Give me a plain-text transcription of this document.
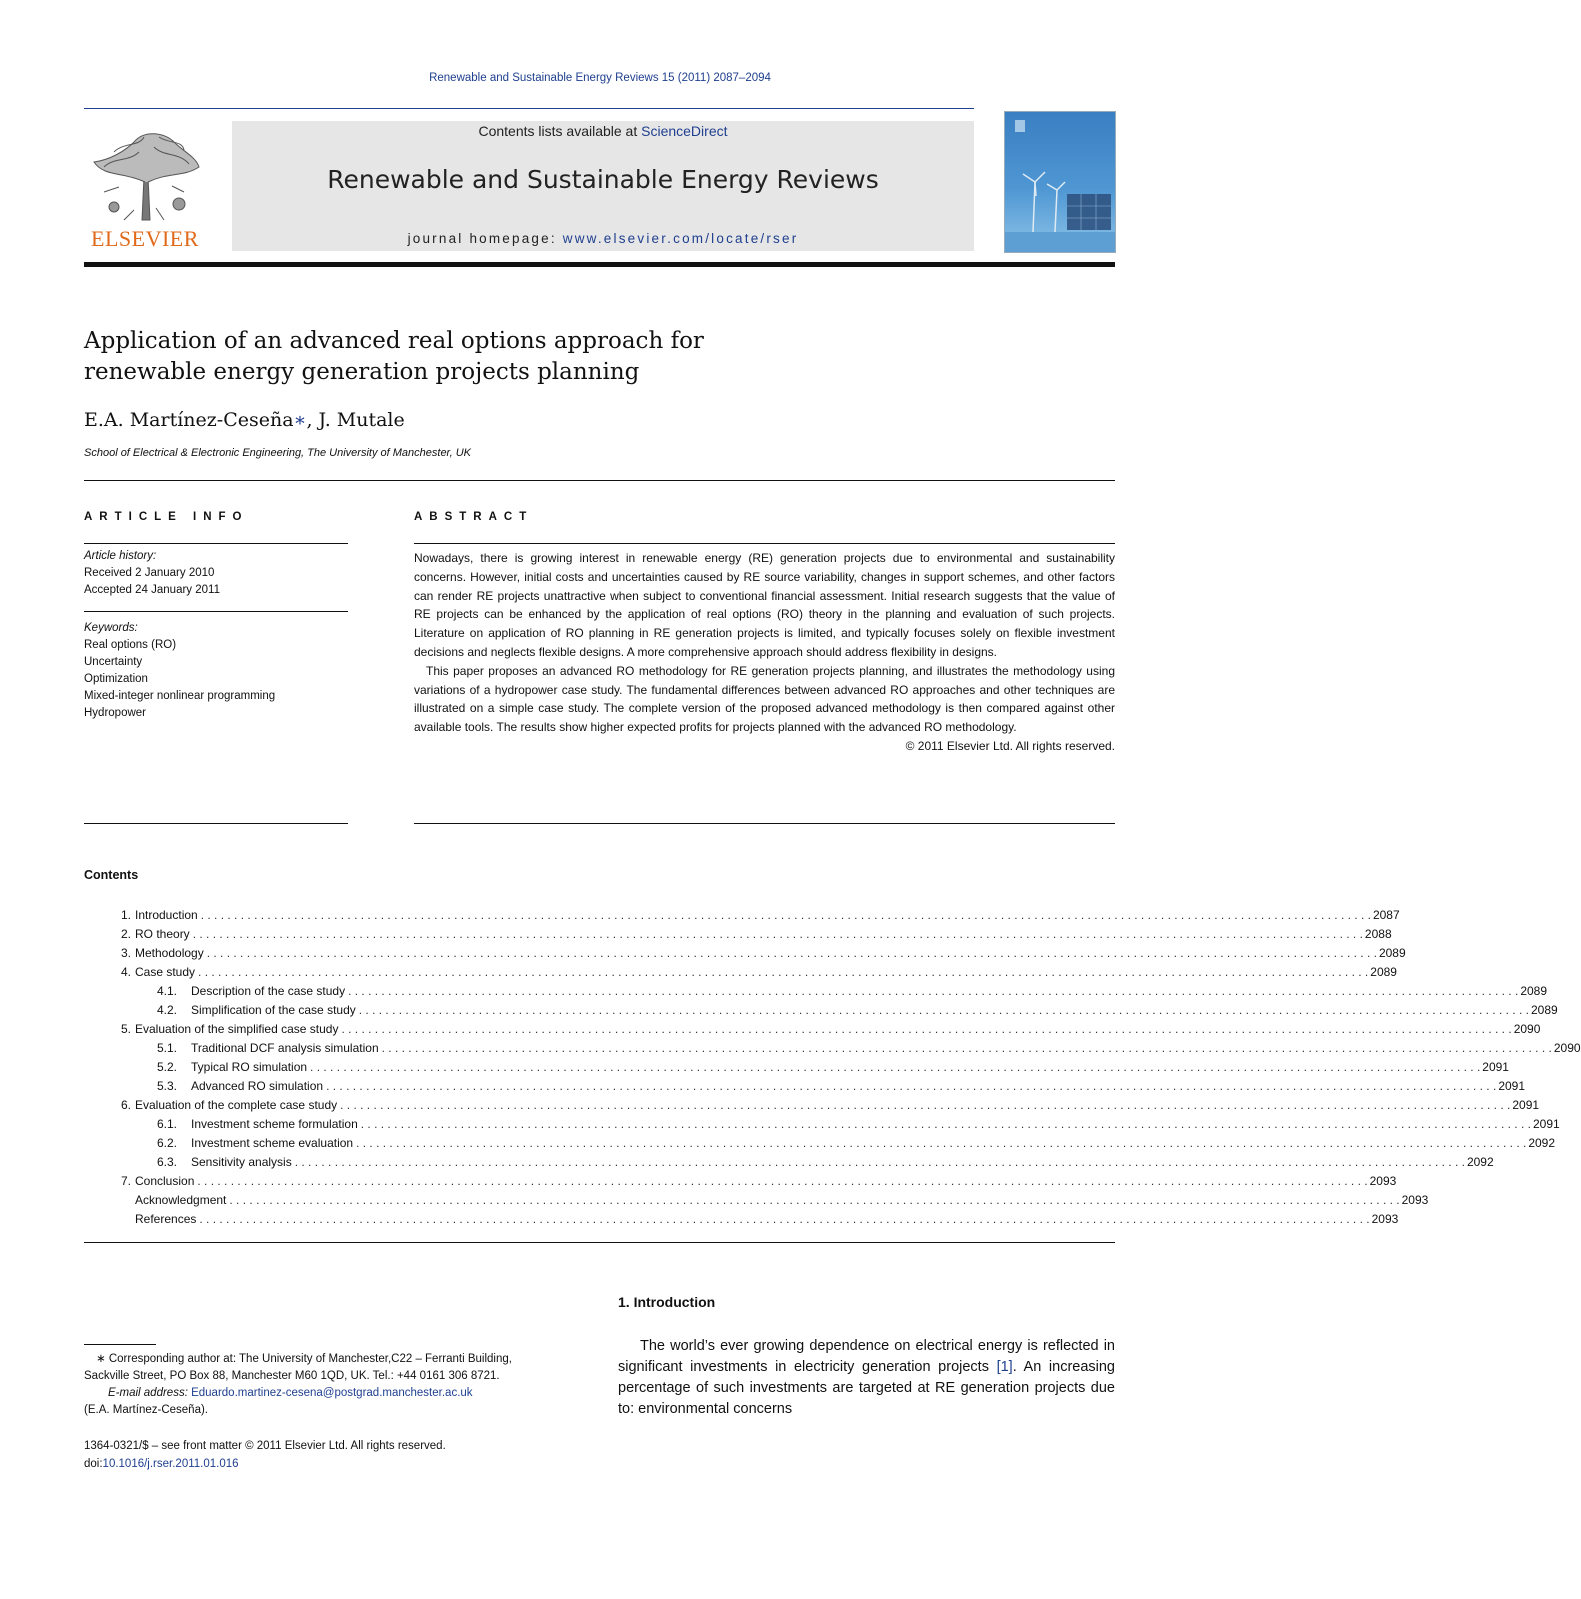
Renewable and Sustainable Energy Reviews 15 (2011) 2087–2094
ELSEVIER
Contents lists available at ScienceDirect
Renewable and Sustainable Energy Reviews
journal homepage: www.elsevier.com/locate/rser
Application of an advanced real options approach for
renewable energy generation projects planning
E.A. Martínez-Ceseña∗, J. Mutale
School of Electrical & Electronic Engineering, The University of Manchester, UK
ARTICLE INFO	ABSTRACT
Article history:
Received 2 January 2010
Accepted 24 January 2011
Keywords:
Real options (RO)
Uncertainty
Optimization
Mixed-integer nonlinear programming
Hydropower

Nowadays, there is growing interest in renewable energy (RE) generation projects due to environmental and sustainability concerns. However, initial costs and uncertainties caused by RE source variability, changes in support schemes, and other factors can render RE projects unattractive when subject to conventional financial assessment. Initial research suggests that the value of RE projects can be enhanced by the application of real options (RO) theory in the planning and evaluation of such projects. Literature on application of RO planning in RE generation projects is limited, and typically focuses solely on flexible investment decisions and neglects flexible designs. A more comprehensive approach should address flexibility in designs.

This paper proposes an advanced RO methodology for RE generation projects planning, and illustrates the methodology using variations of a hydropower case study. The fundamental differences between advanced RO approaches and other techniques are illustrated on a simple case study. The complete version of the proposed advanced methodology is then compared against other available tools. The results show higher expected profits for projects planned with the advanced RO methodology.

© 2011 Elsevier Ltd. All rights reserved.

Contents
1. Introduction . . . . . . . . . . . . . . . . . . . . . . . . . . . . . . . . . . . . . . . . . . . . . . . . . . . . . . . . . . . . . . . . . . . . . . . . . . . . . . . . . . . . . . . . . . . . . . . . . . . . . . . . . . . . . . . . . . . . . . . . . . . . . . . . . . . . . . . . . . . . . . . . . . . . . . . . . . . . . . . . . . . . . . . . . . . . . . . . 2087
2. RO theory . . . . . . . . . . . . . . . . . . . . . . . . . . . . . . . . . . . . . . . . . . . . . . . . . . . . . . . . . . . . . . . . . . . . . . . . . . . . . . . . . . . . . . . . . . . . . . . . . . . . . . . . . . . . . . . . . . . . . . . . . . . . . . . . . . . . . . . . . . . . . . . . . . . . . . . . . . . . . . . . . . . . . . . . . . . . . . . . 2088
3. Methodology . . . . . . . . . . . . . . . . . . . . . . . . . . . . . . . . . . . . . . . . . . . . . . . . . . . . . . . . . . . . . . . . . . . . . . . . . . . . . . . . . . . . . . . . . . . . . . . . . . . . . . . . . . . . . . . . . . . . . . . . . . . . . . . . . . . . . . . . . . . . . . . . . . . . . . . . . . . . . . . . . . . . . . . . . . . . . . . . 2089
4. Case study . . . . . . . . . . . . . . . . . . . . . . . . . . . . . . . . . . . . . . . . . . . . . . . . . . . . . . . . . . . . . . . . . . . . . . . . . . . . . . . . . . . . . . . . . . . . . . . . . . . . . . . . . . . . . . . . . . . . . . . . . . . . . . . . . . . . . . . . . . . . . . . . . . . . . . . . . . . . . . . . . . . . . . . . . . . . . . . . 2089
4.1. Description of the case study . . . . . . . . . . . . . . . . . . . . . . . . . . . . . . . . . . . . . . . . . . . . . . . . . . . . . . . . . . . . . . . . . . . . . . . . . . . . . . . . . . . . . . . . . . . . . . . . . . . . . . . . . . . . . . . . . . . . . . . . . . . . . . . . . . . . . . . . . . . . . . . . . . . . . . . . . . . . . . . . . . . . . . . . . . . . . . . . 2089
4.2. Simplification of the case study . . . . . . . . . . . . . . . . . . . . . . . . . . . . . . . . . . . . . . . . . . . . . . . . . . . . . . . . . . . . . . . . . . . . . . . . . . . . . . . . . . . . . . . . . . . . . . . . . . . . . . . . . . . . . . . . . . . . . . . . . . . . . . . . . . . . . . . . . . . . . . . . . . . . . . . . . . . . . . . . . . . . . . . . . . . . . . . . 2089
5. Evaluation of the simplified case study . . . . . . . . . . . . . . . . . . . . . . . . . . . . . . . . . . . . . . . . . . . . . . . . . . . . . . . . . . . . . . . . . . . . . . . . . . . . . . . . . . . . . . . . . . . . . . . . . . . . . . . . . . . . . . . . . . . . . . . . . . . . . . . . . . . . . . . . . . . . . . . . . . . . . . . . . . . . . . . . . . . . . . . . . . . . . . . . 2090
5.1. Traditional DCF analysis simulation . . . . . . . . . . . . . . . . . . . . . . . . . . . . . . . . . . . . . . . . . . . . . . . . . . . . . . . . . . . . . . . . . . . . . . . . . . . . . . . . . . . . . . . . . . . . . . . . . . . . . . . . . . . . . . . . . . . . . . . . . . . . . . . . . . . . . . . . . . . . . . . . . . . . . . . . . . . . . . . . . . . . . . . . . . . . . . . . 2090
5.2. Typical RO simulation . . . . . . . . . . . . . . . . . . . . . . . . . . . . . . . . . . . . . . . . . . . . . . . . . . . . . . . . . . . . . . . . . . . . . . . . . . . . . . . . . . . . . . . . . . . . . . . . . . . . . . . . . . . . . . . . . . . . . . . . . . . . . . . . . . . . . . . . . . . . . . . . . . . . . . . . . . . . . . . . . . . . . . . . . . . . . . . . 2091
5.3. Advanced RO simulation . . . . . . . . . . . . . . . . . . . . . . . . . . . . . . . . . . . . . . . . . . . . . . . . . . . . . . . . . . . . . . . . . . . . . . . . . . . . . . . . . . . . . . . . . . . . . . . . . . . . . . . . . . . . . . . . . . . . . . . . . . . . . . . . . . . . . . . . . . . . . . . . . . . . . . . . . . . . . . . . . . . . . . . . . . . . . . . . 2091
6. Evaluation of the complete case study . . . . . . . . . . . . . . . . . . . . . . . . . . . . . . . . . . . . . . . . . . . . . . . . . . . . . . . . . . . . . . . . . . . . . . . . . . . . . . . . . . . . . . . . . . . . . . . . . . . . . . . . . . . . . . . . . . . . . . . . . . . . . . . . . . . . . . . . . . . . . . . . . . . . . . . . . . . . . . . . . . . . . . . . . . . . . . . . 2091
6.1. Investment scheme formulation . . . . . . . . . . . . . . . . . . . . . . . . . . . . . . . . . . . . . . . . . . . . . . . . . . . . . . . . . . . . . . . . . . . . . . . . . . . . . . . . . . . . . . . . . . . . . . . . . . . . . . . . . . . . . . . . . . . . . . . . . . . . . . . . . . . . . . . . . . . . . . . . . . . . . . . . . . . . . . . . . . . . . . . . . . . . . . . . 2091
6.2. Investment scheme evaluation . . . . . . . . . . . . . . . . . . . . . . . . . . . . . . . . . . . . . . . . . . . . . . . . . . . . . . . . . . . . . . . . . . . . . . . . . . . . . . . . . . . . . . . . . . . . . . . . . . . . . . . . . . . . . . . . . . . . . . . . . . . . . . . . . . . . . . . . . . . . . . . . . . . . . . . . . . . . . . . . . . . . . . . . . . . . . . . . 2092
6.3. Sensitivity analysis . . . . . . . . . . . . . . . . . . . . . . . . . . . . . . . . . . . . . . . . . . . . . . . . . . . . . . . . . . . . . . . . . . . . . . . . . . . . . . . . . . . . . . . . . . . . . . . . . . . . . . . . . . . . . . . . . . . . . . . . . . . . . . . . . . . . . . . . . . . . . . . . . . . . . . . . . . . . . . . . . . . . . . . . . . . . . . . . 2092
7. Conclusion . . . . . . . . . . . . . . . . . . . . . . . . . . . . . . . . . . . . . . . . . . . . . . . . . . . . . . . . . . . . . . . . . . . . . . . . . . . . . . . . . . . . . . . . . . . . . . . . . . . . . . . . . . . . . . . . . . . . . . . . . . . . . . . . . . . . . . . . . . . . . . . . . . . . . . . . . . . . . . . . . . . . . . . . . . . . . . . . 2093
Acknowledgment . . . . . . . . . . . . . . . . . . . . . . . . . . . . . . . . . . . . . . . . . . . . . . . . . . . . . . . . . . . . . . . . . . . . . . . . . . . . . . . . . . . . . . . . . . . . . . . . . . . . . . . . . . . . . . . . . . . . . . . . . . . . . . . . . . . . . . . . . . . . . . . . . . . . . . . . . . . . . . . . . . . . . . . . . . . . . . . . 2093
References . . . . . . . . . . . . . . . . . . . . . . . . . . . . . . . . . . . . . . . . . . . . . . . . . . . . . . . . . . . . . . . . . . . . . . . . . . . . . . . . . . . . . . . . . . . . . . . . . . . . . . . . . . . . . . . . . . . . . . . . . . . . . . . . . . . . . . . . . . . . . . . . . . . . . . . . . . . . . . . . . . . . . . . . . . . . . . . . 2093
1. Introduction
The world’s ever growing dependence on electrical energy is reflected in significant investments in electricity generation projects [1]. An increasing percentage of such investments are targeted at RE generation projects due to: environmental concerns
∗ Corresponding author at: The University of Manchester,C22 – Ferranti Building,
Sackville Street, PO Box 88, Manchester M60 1QD, UK. Tel.: +44 0161 306 8721.
E-mail address: Eduardo.martinez-cesena@postgrad.manchester.ac.uk
(E.A. Martínez-Ceseña).
1364-0321/$ – see front matter © 2011 Elsevier Ltd. All rights reserved.
doi:10.1016/j.rser.2011.01.016
